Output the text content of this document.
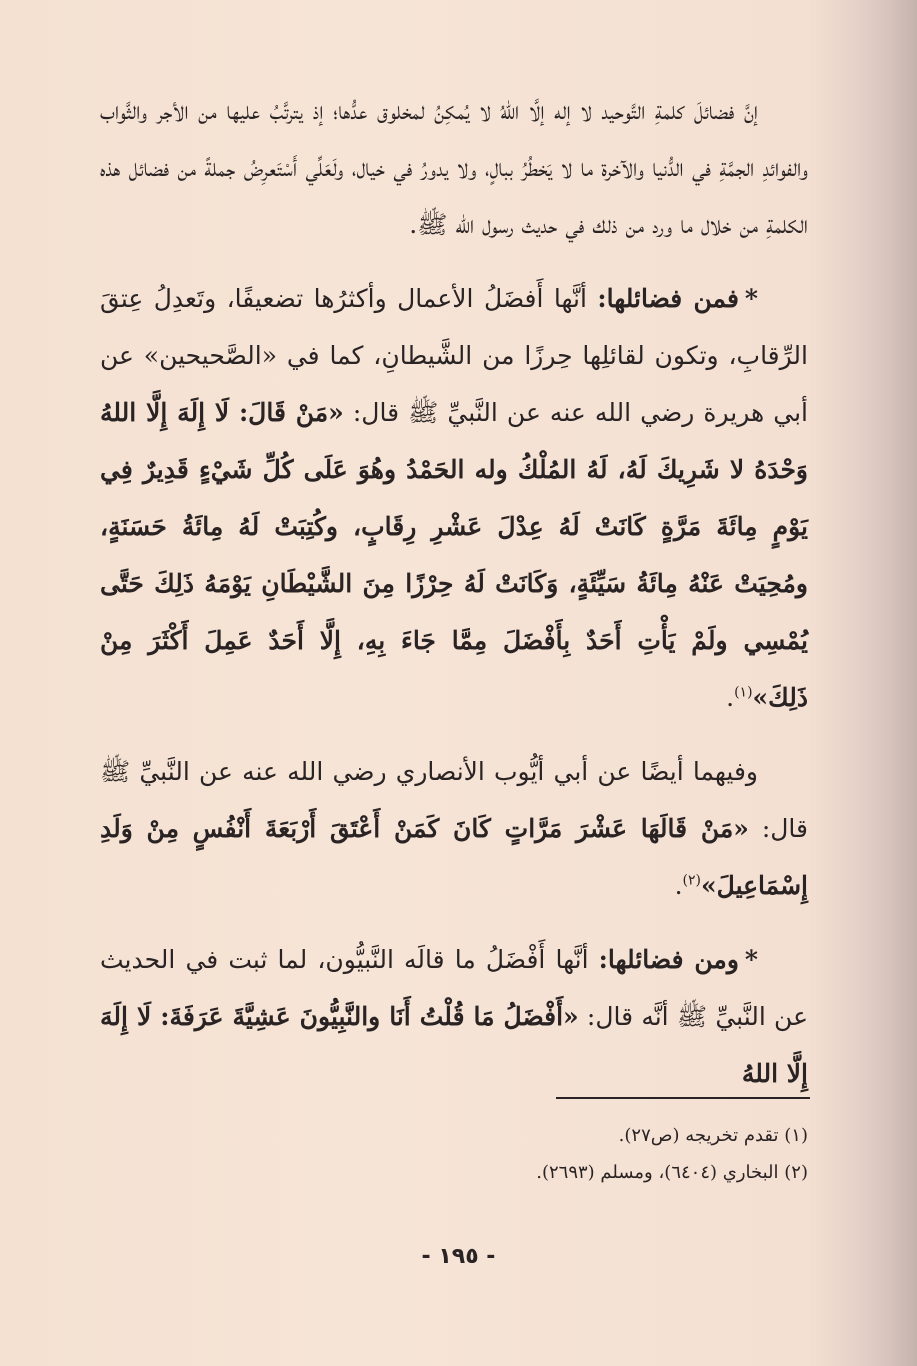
إنَّ فضائلَ كلمةِ التَّوحيد لا إله إلَّا اللهُ لا يُمكِنُ لمخلوق عدُّها؛ إذ يترتَّبُ عليها من الأجر والثَّواب والفوائدِ الجمَّةِ في الدُّنيا والآخرة ما لا يَخطُرُ ببالٍ، ولا يدورُ في خيال، ولَعَلِّي أَسْتَعرِضُ جملةً من فضائل هذه الكلمةِ من خلال ما ورد من ذلك في حديث رسول الله ﷺ.

*فمن فضائلها: أنَّها أَفضَلُ الأعمال وأكثرُها تضعيفًا، وتَعدِلُ عِتقَ الرِّقابِ، وتكون لقائلِها حِرزًا من الشَّيطانِ، كما في «الصَّحيحين» عن أبي هريرة رضي الله عنه عن النَّبيِّ ﷺ قال: «مَنْ قَالَ: لَا إِلَهَ إِلَّا اللهُ وَحْدَهُ لا شَرِيكَ لَهُ، لَهُ المُلْكُ وله الحَمْدُ وهُوَ عَلَى كُلِّ شَيْءٍ قَدِيرٌ فِي يَوْمٍ مِائَةَ مَرَّةٍ كَانَتْ لَهُ عِدْلَ عَشْرِ رِقَابٍ، وكُتِبَتْ لَهُ مِائَةُ حَسَنَةٍ، ومُحِيَتْ عَنْهُ مِائَةُ سَيِّئَةٍ، وَكَانَتْ لَهُ حِرْزًا مِنَ الشَّيْطَانِ يَوْمَهُ ذَلِكَ حَتَّى يُمْسِي ولَمْ يَأْتِ أَحَدٌ بِأَفْضَلَ مِمَّا جَاءَ بِهِ، إِلَّا أَحَدٌ عَمِلَ أَكْثَرَ مِنْ ذَلِكَ»$^{(١)}$.

وفيهما أيضًا عن أبي أيُّوب الأنصاري رضي الله عنه عن النَّبيِّ ﷺ قال: «مَنْ قَالَهَا عَشْرَ مَرَّاتٍ كَانَ كَمَنْ أَعْتَقَ أَرْبَعَةَ أَنْفُسٍ مِنْ وَلَدِ إِسْمَاعِيلَ»$^{(٢)}$.

*ومن فضائلها: أنَّها أَفْضَلُ ما قالَه النَّبيُّون، لما ثبت في الحديث عن النَّبيِّ ﷺ أنَّه قال: «أَفْضَلُ مَا قُلْتُ أَنَا والنَّبِيُّونَ عَشِيَّةَ عَرَفَةَ: لَا إِلَهَ إِلَّا اللهُ

(١) تقدم تخريجه (ص٢٧).

(٢) البخاري (٦٤٠٤)، ومسلم (٢٦٩٣).

- ١٩٥ -
